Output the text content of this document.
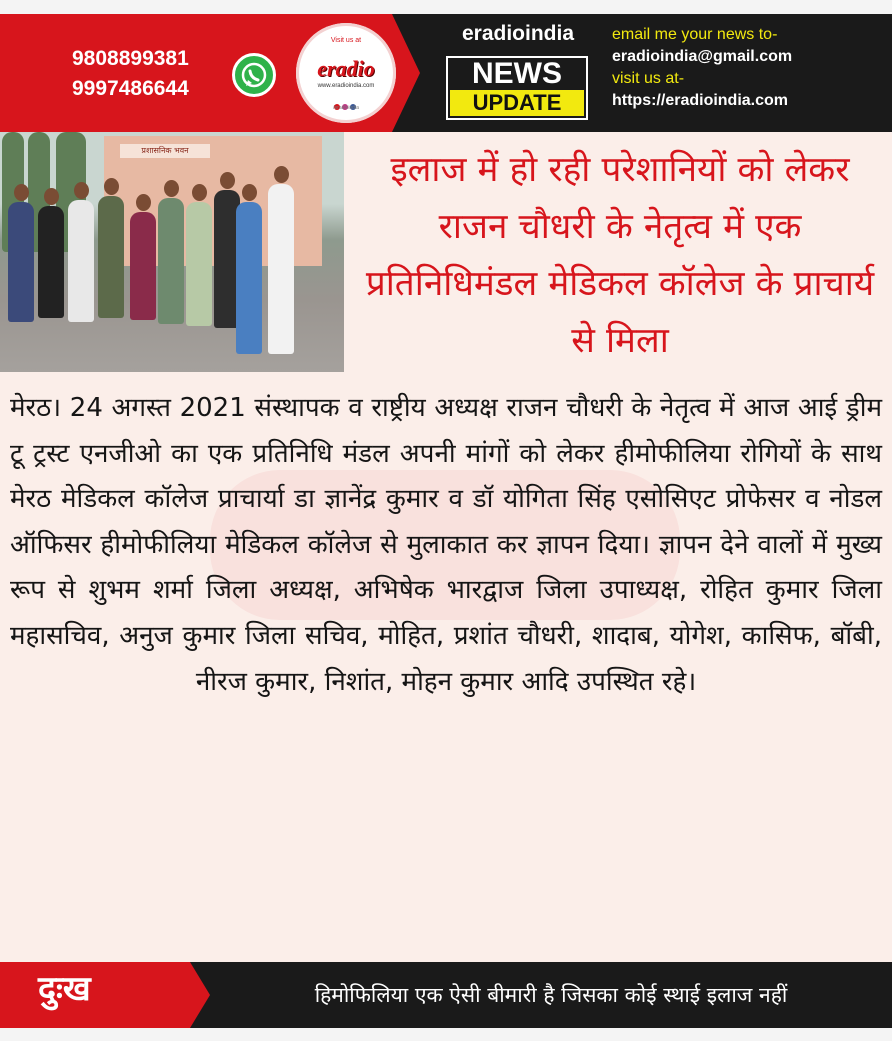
9808899381
9997486644
Visit us at
eradio
www.eradioindia.com
/eradioindia
eradioindia
NEWS
UPDATE
email me your news to-
eradioindia@gmail.com
visit us at-
https://eradioindia.com
प्रशासनिक भवन	इलाज में हो रही परेशानियों को लेकर राजन चौधरी के नेतृत्व में एक प्रतिनिधिमंडल मेडिकल कॉलेज के प्राचार्य से मिला
मेरठ। 24 अगस्त 2021 संस्थापक व राष्ट्रीय अध्यक्ष राजन चौधरी के नेतृत्व में आज आई ड्रीम टू ट्रस्ट एनजीओ का एक प्रतिनिधि मंडल अपनी मांगों को लेकर हीमोफीलिया रोगियों के साथ मेरठ मेडिकल कॉलेज प्राचार्या डा ज्ञानेंद्र कुमार व डॉ योगिता सिंह एसोसिएट प्रोफेसर व नोडल ऑफिसर हीमोफीलिया मेडिकल कॉलेज से मुलाकात कर ज्ञापन दिया। ज्ञापन देने वालों में मुख्य रूप से शुभम शर्मा जिला अध्यक्ष, अभिषेक भारद्वाज जिला उपाध्यक्ष, रोहित कुमार जिला महासचिव, अनुज कुमार जिला सचिव, मोहित, प्रशांत चौधरी, शादाब, योगेश, कासिफ, बॉबी, नीरज कुमार, निशांत, मोहन कुमार आदि उपस्थित रहे।
दुःख	हिमोफिलिया एक ऐसी बीमारी है जिसका कोई स्थाई इलाज नहीं
